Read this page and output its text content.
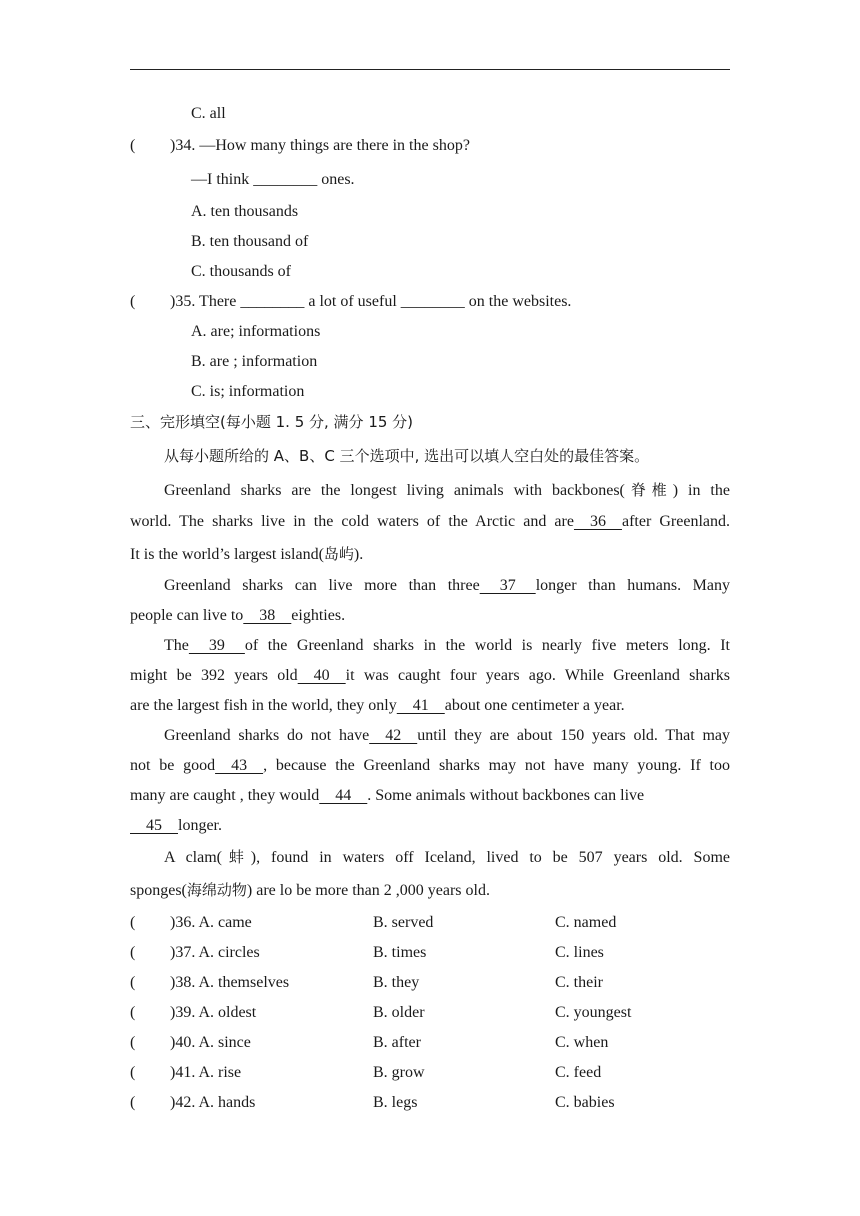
C. all
( )34. —How many things are there in the shop?
—I think ________ ones.
A. ten thousands
B. ten thousand of
C. thousands of
( )35. There ________ a lot of useful ________ on the websites.
A. are; informations
B. are ; information
C. is; information
三、完形填空(每小题 1. 5 分, 满分 15 分)
从每小题所给的 A、B、C 三个选项中, 选出可以填人空白处的最佳答案。
Greenland sharks are the longest living animals with backbones(脊椎) in the
world. The sharks live in the cold waters of the Arctic and are    36    after Greenland.
It is the world’s largest island(岛屿).
Greenland sharks can live more than three     37     longer than humans. Many
people can live to    38    eighties.
The     39     of the Greenland sharks in the world is nearly five meters long. It
might be 392 years old    40    it was caught four years ago. While Greenland sharks
are the largest fish in the world, they only    41    about one centimeter a year.
Greenland sharks do not have    42    until they are about 150 years old. That may
not be good    43    , because the Greenland sharks may not have many young. If too
many are caught , they would    44    . Some animals without backbones can live
45    longer.
A clam(蚌), found in waters off Iceland, lived to be 507 years old. Some
sponges(海绵动物) are lo be more than 2 ,000 years old.
( )36. A. came	B. served	C. named
( )37. A. circles	B. times	C. lines
( )38. A. themselves	B. they	C. their
( )39. A. oldest	B. older	C. youngest
( )40. A. since	B. after	C. when
( )41. A. rise	B. grow	C. feed
( )42. A. hands	B. legs	C. babies
